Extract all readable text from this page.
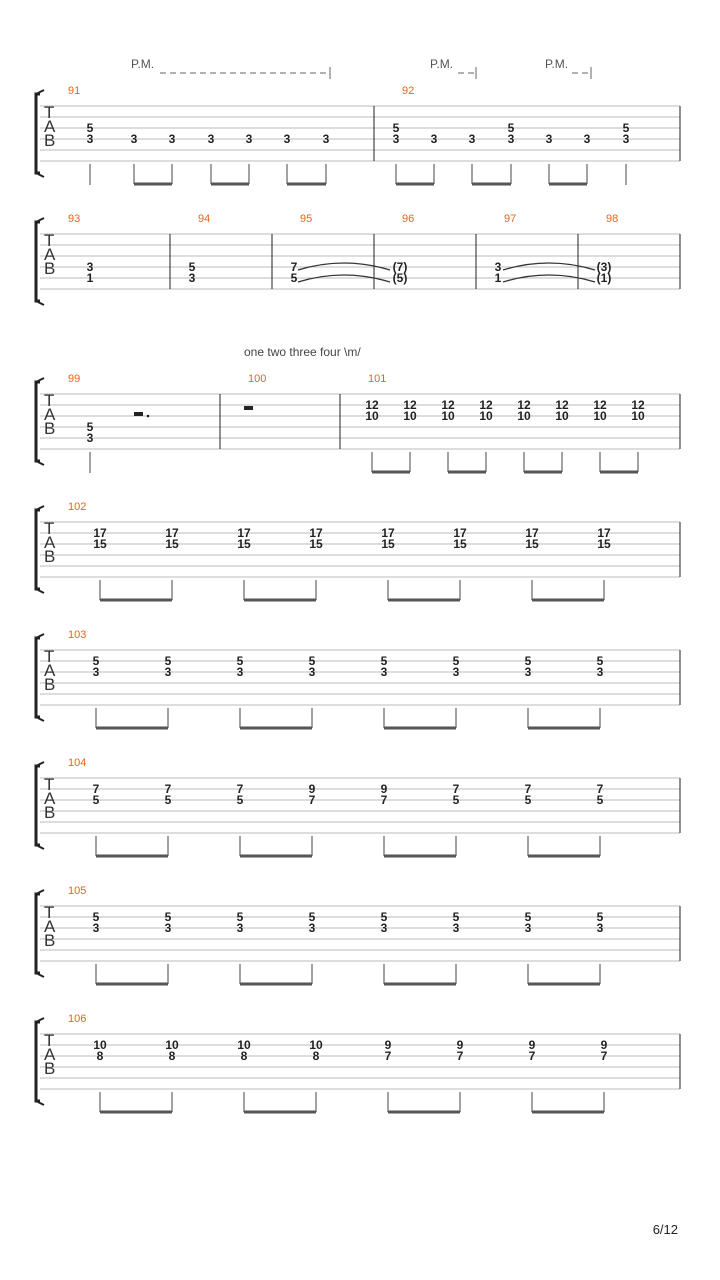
T
A
B
91
5
3	3	3	3	3	3	3
92
5
3	3	3
5
3	3	3
5
3
T
A
B
93
3
1
94
5
3
95
7
5
96
(7)
(5)
97
3
1
98
(3)
(1)
T
A
B
99
5
3
100	101
12
10
12
10
12
10
12
10
12
10
12
10
12
10
12
10
T
A
B
102
17
15
17
15
17
15
17
15
17
15
17
15
17
15
17
15
T
A
B
103
5
3
5
3
5
3
5
3
5
3
5
3
5
3
5
3
T
A
B
104
7
5
7
5
7
5
9
7
9
7
7
5
7
5
7
5
T
A
B
105
5
3
5
3
5
3
5
3
5
3
5
3
5
3
5
3
T
A
B
106
10
8
10
8
10
8
10
8
9
7
9
7
9
7
9
7
P.M.	P.M.	P.M.
one two three four \m/
6/12
